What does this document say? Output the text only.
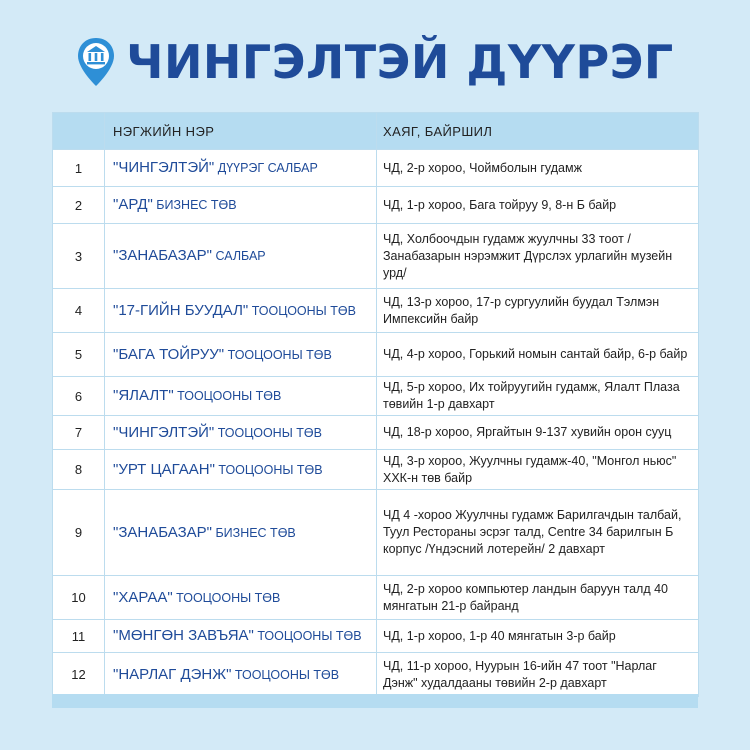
ЧИНГЭЛТЭЙ ДҮҮРЭГ
	НЭГЖИЙН НЭР	ХАЯГ, БАЙРШИЛ
1	"ЧИНГЭЛТЭЙ" ДҮҮРЭГ САЛБАР	ЧД, 2-р хороо, Чоймболын гудамж
2	"АРД" БИЗНЕС ТӨВ	ЧД, 1-р хороо, Бага тойруу 9, 8-н Б байр
3	"ЗАНАБАЗАР" САЛБАР	ЧД, Холбоочдын гудамж жуулчны 33 тоот / Занабазарын нэрэмжит Дүрслэх урлагийн музейн урд/
4	"17-ГИЙН БУУДАЛ" ТООЦООНЫ ТӨВ	ЧД, 13-р хороо, 17-р сургуулийн буудал Тэлмэн Импексийн байр
5	"БАГА ТОЙРУУ" ТООЦООНЫ ТӨВ	ЧД, 4-р хороо, Горький номын сантай байр, 6-р байр
6	"ЯЛАЛТ" ТООЦООНЫ ТӨВ	ЧД, 5-р хороо, Их тойруугийн гудамж, Ялалт Плаза төвийн 1-р давхарт
7	"ЧИНГЭЛТЭЙ" ТООЦООНЫ ТӨВ	ЧД, 18-р хороо, Яргайтын 9-137 хувийн орон сууц
8	"УРТ ЦАГААН" ТООЦООНЫ ТӨВ	ЧД, 3-р хороо, Жуулчны гудамж-40, "Монгол ньюс" ХХК-н төв байр
9	"ЗАНАБАЗАР" БИЗНЕС ТӨВ	ЧД 4 -хороо Жуулчны гудамж Барилгачдын талбай, Туул Рестораны эсрэг талд, Centre 34 барилгын Б корпус /Үндэсний лотерейн/ 2 давхарт
10	"ХАРАА" ТООЦООНЫ ТӨВ	ЧД, 2-р хороо компьютер ландын баруун талд 40 мянгатын 21-р байранд
11	"МӨНГӨН ЗАВЪЯА" ТООЦООНЫ ТӨВ	ЧД, 1-р хороо, 1-р 40 мянгатын 3-р байр
12	"НАРЛАГ ДЭНЖ" ТООЦООНЫ ТӨВ	ЧД, 11-р хороо, Нуурын 16-ийн 47 тоот "Нарлаг Дэнж" худалдааны төвийн 2-р давхарт
